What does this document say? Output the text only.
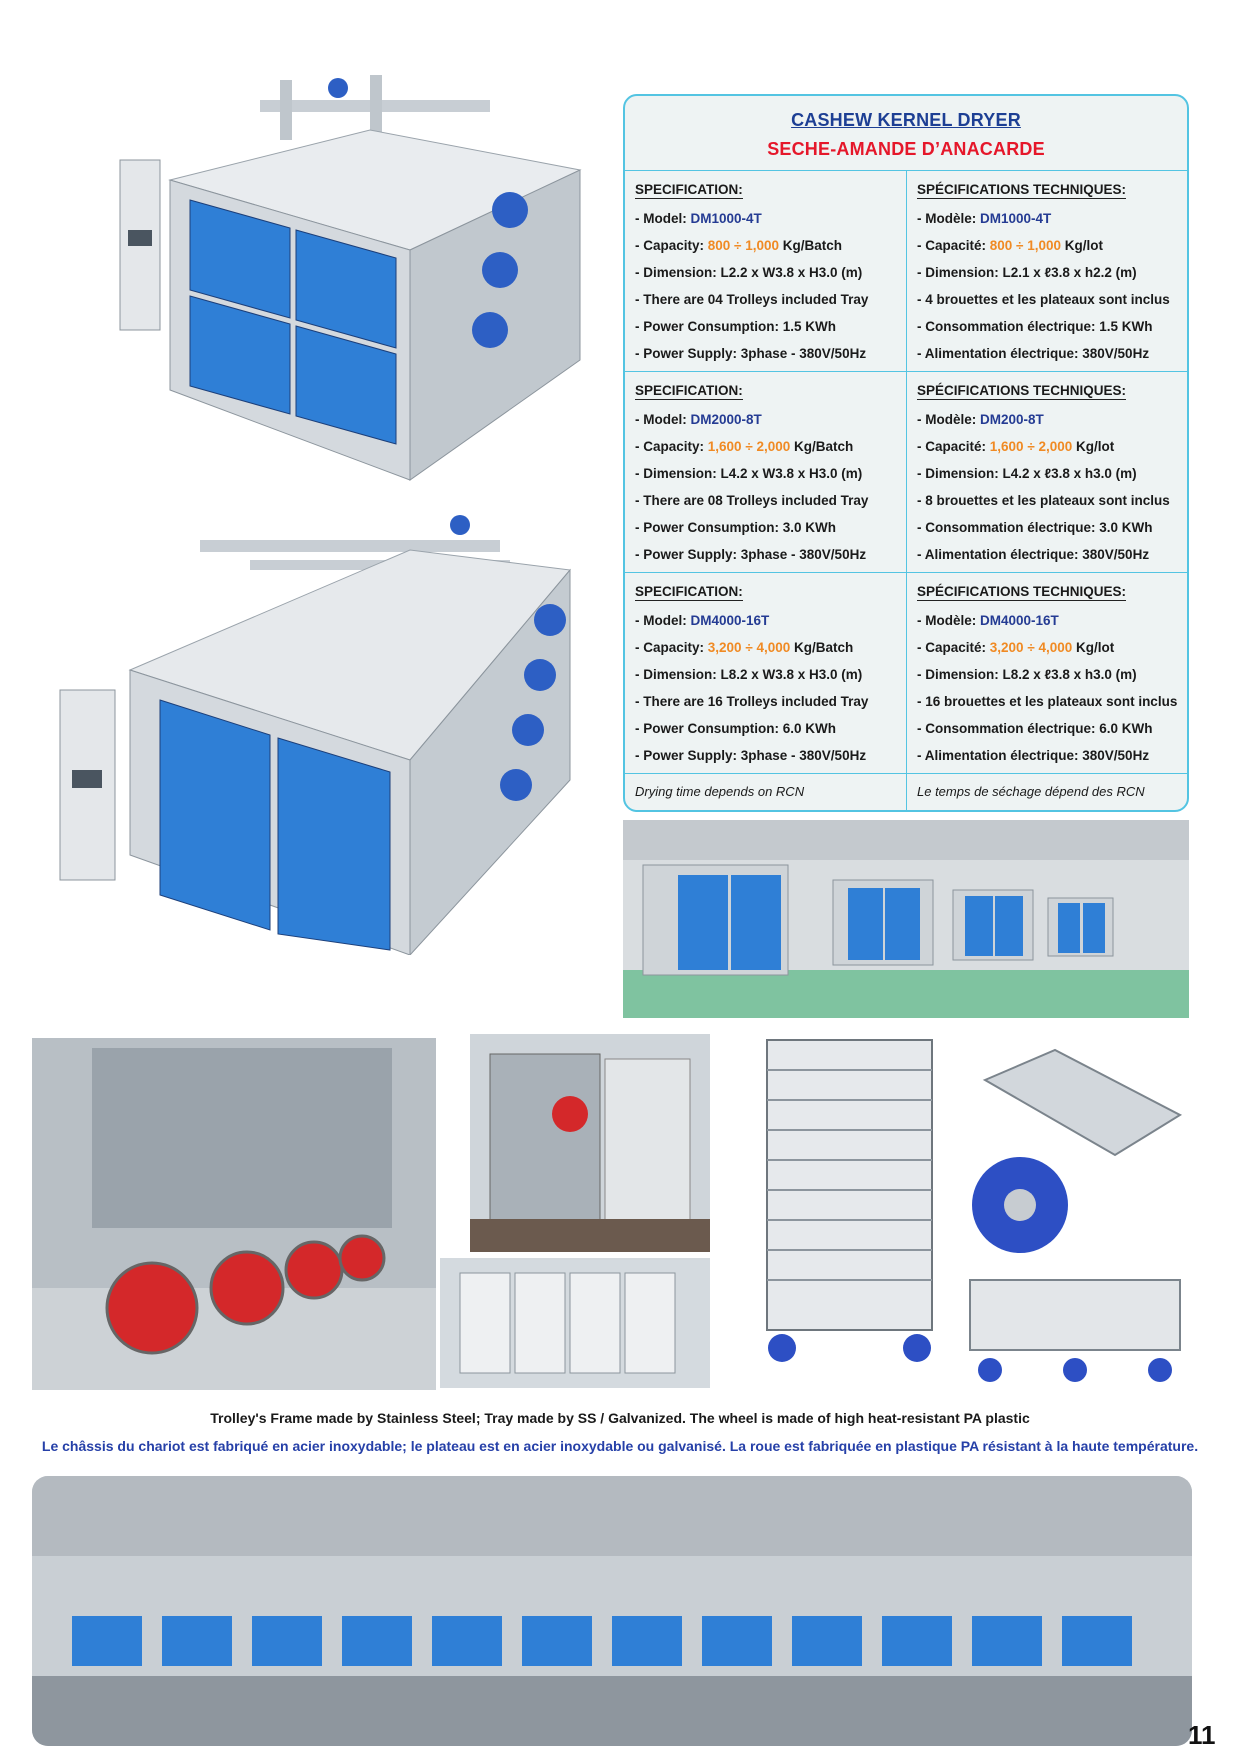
CASHEW KERNEL DRYER
SECHE-AMANDE D’ANACARDE
SPECIFICATION:
- Model: DM1000-4T
- Capacity: 800 ÷ 1,000 Kg/Batch
- Dimension: L2.2 x W3.8 x H3.0 (m)
- There are 04 Trolleys included Tray
- Power Consumption: 1.5 KWh
- Power Supply: 3phase - 380V/50Hz
SPÉCIFICATIONS TECHNIQUES:
- Modèle: DM1000-4T
- Capacité: 800 ÷ 1,000 Kg/lot
- Dimension: L2.1 x ℓ3.8 x h2.2 (m)
- 4 brouettes et les plateaux sont inclus
- Consommation électrique: 1.5 KWh
- Alimentation électrique: 380V/50Hz
SPECIFICATION:
- Model: DM2000-8T
- Capacity: 1,600 ÷ 2,000 Kg/Batch
- Dimension: L4.2 x W3.8 x H3.0 (m)
- There are 08 Trolleys included Tray
- Power Consumption: 3.0 KWh
- Power Supply: 3phase - 380V/50Hz
SPÉCIFICATIONS TECHNIQUES:
- Modèle: DM200-8T
- Capacité: 1,600 ÷ 2,000 Kg/lot
- Dimension: L4.2 x ℓ3.8 x h3.0 (m)
- 8 brouettes et les plateaux sont inclus
- Consommation électrique: 3.0 KWh
- Alimentation électrique: 380V/50Hz
SPECIFICATION:
- Model: DM4000-16T
- Capacity: 3,200 ÷ 4,000 Kg/Batch
- Dimension: L8.2 x W3.8 x H3.0 (m)
- There are 16 Trolleys included Tray
- Power Consumption: 6.0 KWh
- Power Supply: 3phase - 380V/50Hz
SPÉCIFICATIONS TECHNIQUES:
- Modèle: DM4000-16T
- Capacité: 3,200 ÷ 4,000 Kg/lot
- Dimension: L8.2 x ℓ3.8 x h3.0 (m)
- 16 brouettes et les plateaux sont inclus
- Consommation électrique: 6.0 KWh
- Alimentation électrique: 380V/50Hz
Drying time depends on RCN	Le temps de séchage dépend des RCN
Trolley's Frame made by Stainless Steel; Tray made by SS / Galvanized. The wheel is made of high heat-resistant PA plastic
Le châssis du chariot est fabriqué en acier inoxydable; le plateau est en acier inoxydable ou galvanisé. La roue est fabriquée en plastique PA résistant à la haute température.
11
